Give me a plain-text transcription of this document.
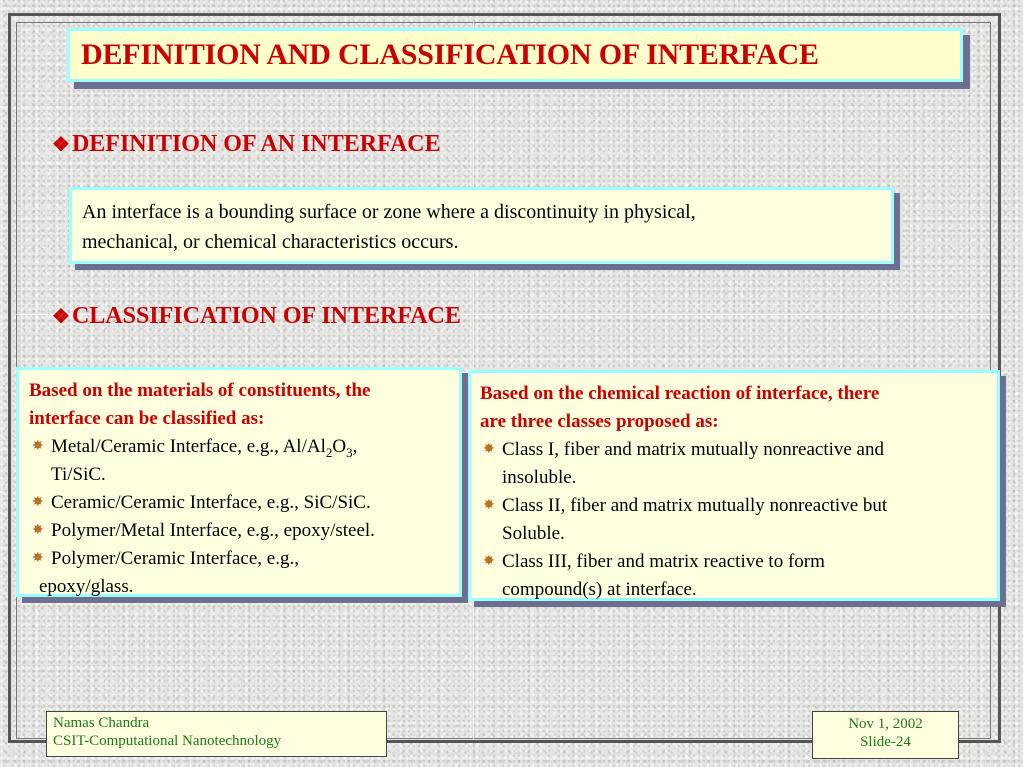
DEFINITION AND CLASSIFICATION OF INTERFACE
❖ DEFINITION OF AN INTERFACE
An interface is a bounding surface or zone where a discontinuity in physical,
mechanical, or chemical characteristics occurs.
❖ CLASSIFICATION OF INTERFACE
Based on the materials of constituents, the
interface can be classified as:
✸ Metal/Ceramic Interface, e.g., $Al/Al_2O_3$,
Ti/SiC.
✸ Ceramic/Ceramic Interface, e.g., SiC/SiC.
✸ Polymer/Metal Interface, e.g., epoxy/steel.
✸ Polymer/Ceramic Interface, e.g.,
epoxy/glass.
Based on the chemical reaction of interface, there
are three classes proposed as:
✸ Class I, fiber and matrix mutually nonreactive and
insoluble.
✸ Class II, fiber and matrix mutually nonreactive but
Soluble.
✸ Class III, fiber and matrix reactive to form
compound(s) at interface.
Namas Chandra
CSIT-Computational Nanotechnology
Nov 1, 2002
Slide-24
